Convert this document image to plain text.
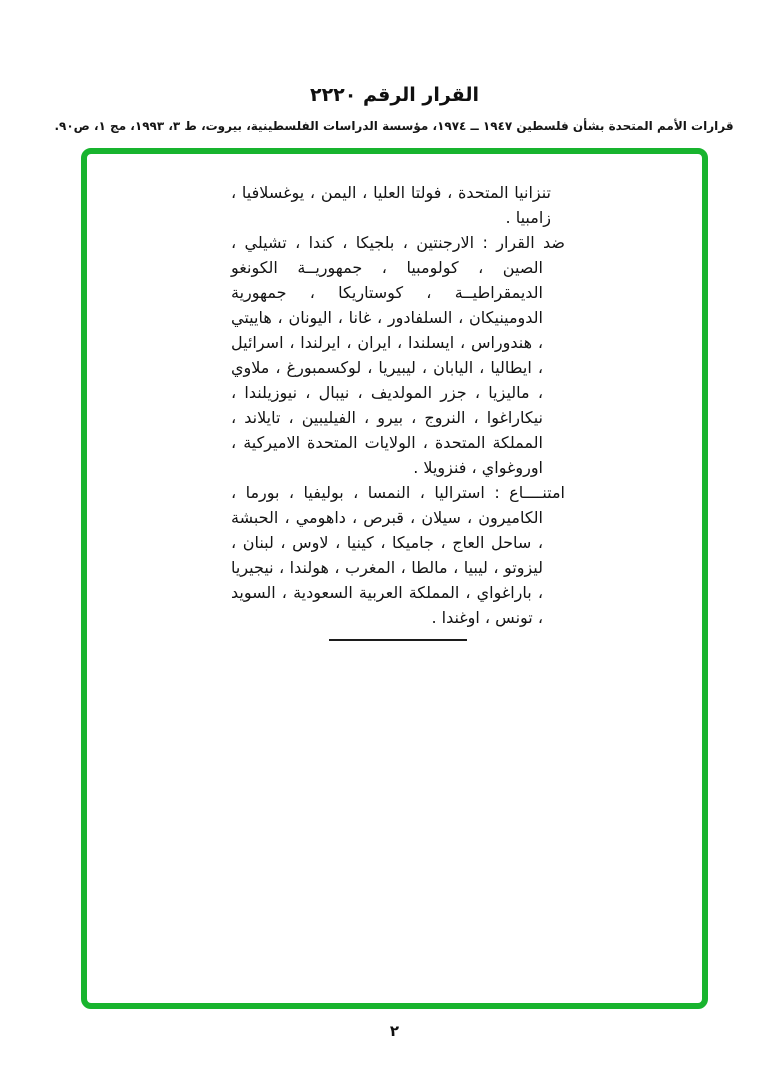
القرار الرقم ٢٢٢٠
قرارات الأمم المتحدة بشأن فلسطين ١٩٤٧ ــ ١٩٧٤، مؤسسة الدراسات الفلسطينية، بيروت، ط ٣، ١٩٩٣، مج ١، ص٩٠.

تنزانيا المتحدة ، فولتا العليا ، اليمن ، يوغسلافيا ، زامبيا .

ضد القرار : الارجنتين ، بلجيكا ، كندا ، تشيلي ، الصين ، كولومبيا ، جمهوريــة الكونغو الديمقراطيــة ، كوستاريكا ، جمهورية الدومينيكان ، السلفادور ، غانا ، اليونان ، هاييتي ، هندوراس ، ايسلندا ، ايران ، ايرلندا ، اسرائيل ، ايطاليا ، اليابان ، ليبيريا ، لوكسمبورغ ، ملاوي ، ماليزيا ، جزر المولديف ، نيبال ، نيوزيلندا ، نيكاراغوا ، النروج ، بيرو ، الفيليبين ، تايلاند ، المملكة المتحدة ، الولايات المتحدة الاميركية ، اوروغواي ، فنزويلا .

امتنــــاع : استراليا ، النمسا ، بوليفيا ، بورما ، الكاميرون ، سيلان ، قبرص ، داهومي ، الحبشة ، ساحل العاج ، جاميكا ، كينيا ، لاوس ، لبنان ، ليزوتو ، ليبيا ، مالطا ، المغرب ، هولندا ، نيجيريا ، باراغواي ، المملكة العربية السعودية ، السويد ، تونس ، اوغندا .

٢
